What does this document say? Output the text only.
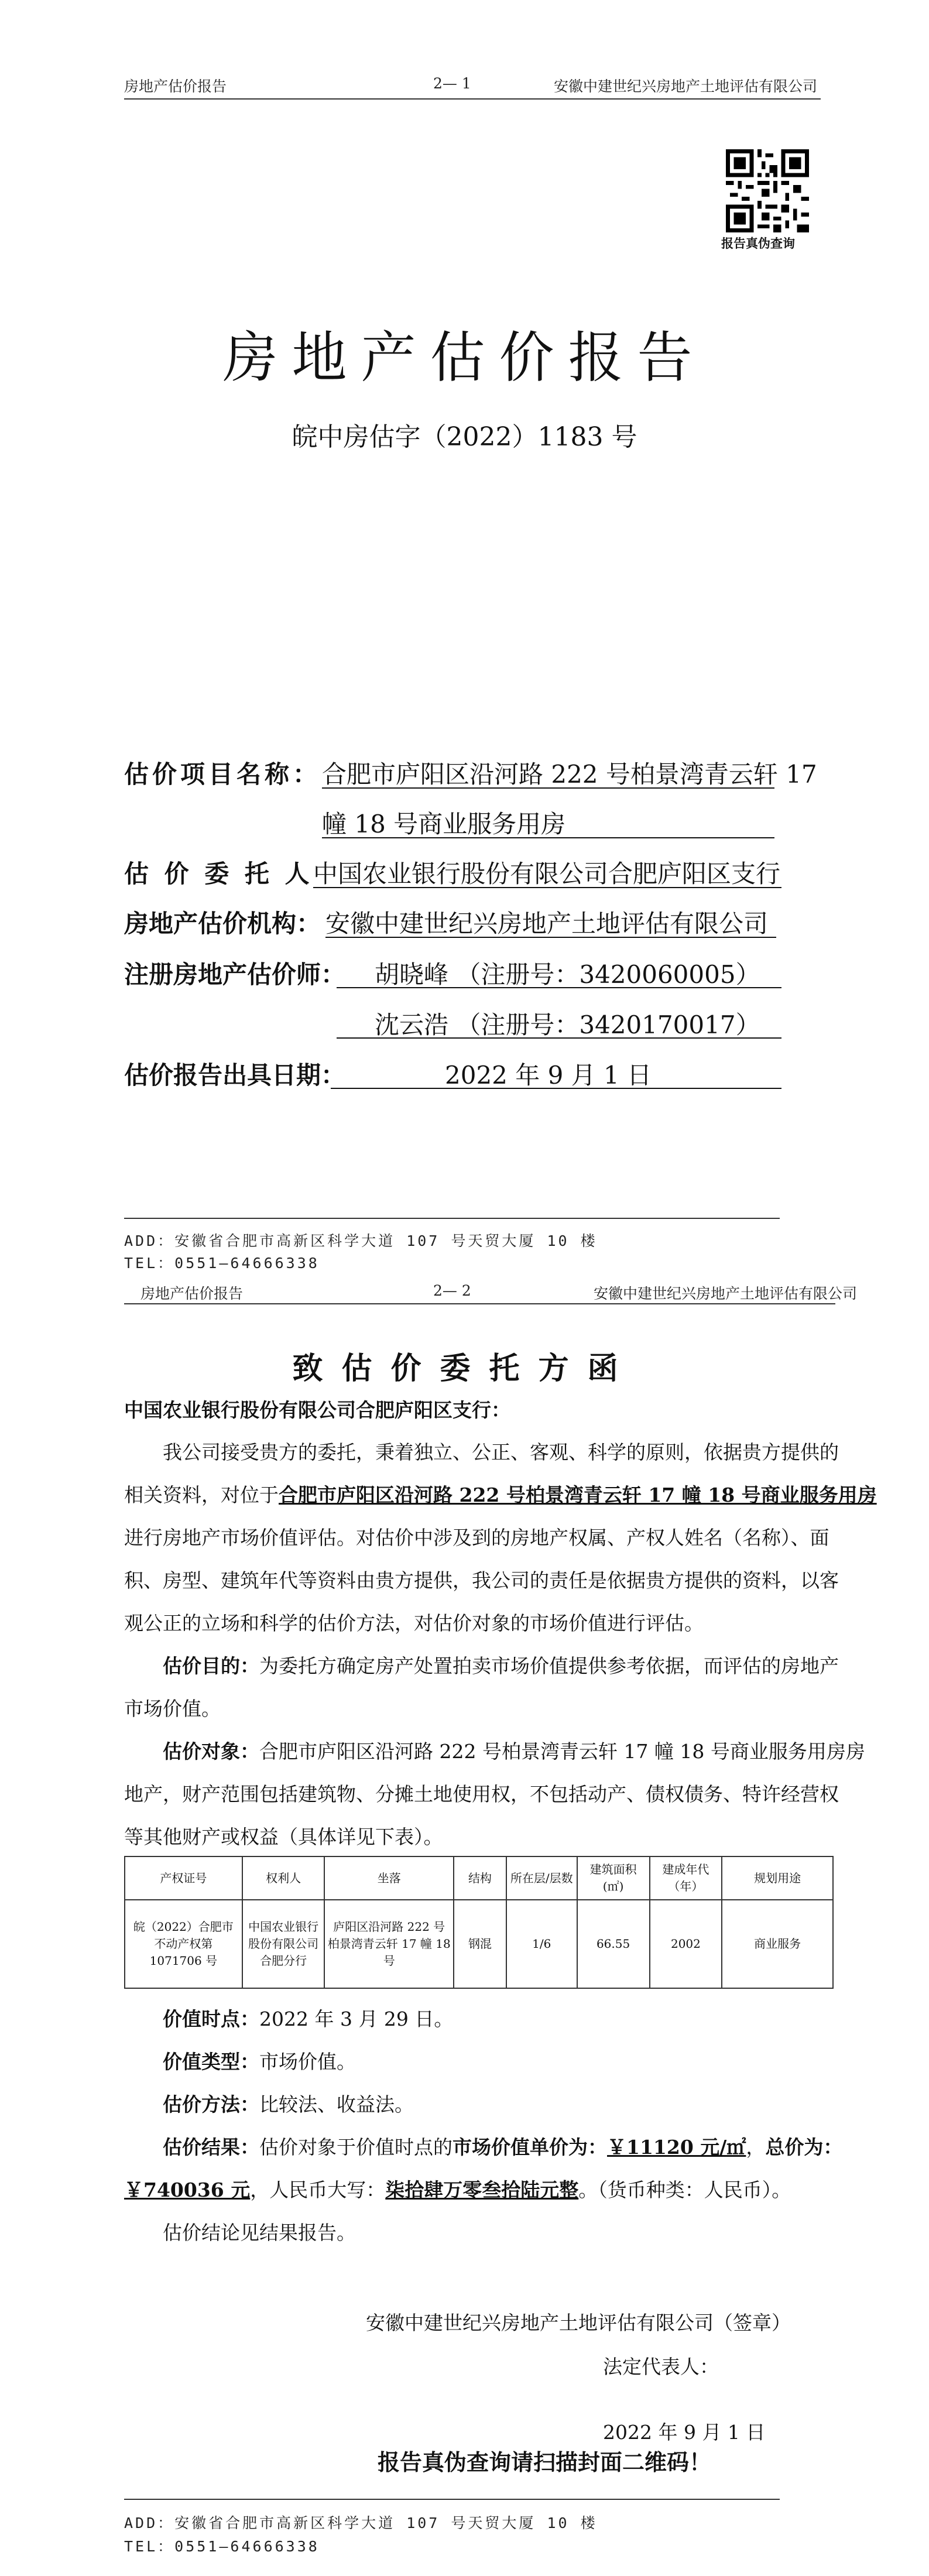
房地产估价报告	2— 1	安徽中建世纪兴房地产土地评估有限公司
报告真伪查询
房地产估价报告
皖中房估字（2022）1183 号
估价项目名称： 合肥市庐阳区沿河路 222 号柏景湾青云轩 17
幢 18 号商业服务用房
估 价 委 托 人 中国农业银行股份有限公司合肥庐阳区支行
房地产估价机构： 安徽中建世纪兴房地产土地评估有限公司
注册房地产估价师： 胡晓峰 （注册号：3420060005）
沈云浩 （注册号：3420170017）
估价报告出具日期：	2022 年 9 月 1 日
ADD：安徽省合肥市高新区科学大道 107 号天贸大厦 10 楼
TEL：0551—64666338
房地产估价报告	2— 2	安徽中建世纪兴房地产土地评估有限公司
致估价委托方函
中国农业银行股份有限公司合肥庐阳区支行：
我公司接受贵方的委托，秉着独立、公正、客观、科学的原则，依据贵方提供的
相关资料，对位于合肥市庐阳区沿河路 222 号柏景湾青云轩 17 幢 18 号商业服务用房
进行房地产市场价值评估。对估价中涉及到的房地产权属、产权人姓名（名称）、面
积、房型、建筑年代等资料由贵方提供，我公司的责任是依据贵方提供的资料，以客
观公正的立场和科学的估价方法，对估价对象的市场价值进行评估。
估价目的：为委托方确定房产处置拍卖市场价值提供参考依据，而评估的房地产
市场价值。
估价对象：合肥市庐阳区沿河路 222 号柏景湾青云轩 17 幢 18 号商业服务用房房
地产，财产范围包括建筑物、分摊土地使用权，不包括动产、债权债务、特许经营权
等其他财产或权益（具体详见下表）。
产权证号	权利人	坐落	结构	所在层/层数	建筑面积(㎡)	建成年代（年）	规划用途
皖（2022）合肥市不动产权第 1071706 号	中国农业银行股份有限公司合肥分行	庐阳区沿河路 222 号柏景湾青云轩 17 幢 18 号	钢混	1/6	66.55	2002	商业服务
价值时点：2022 年 3 月 29 日。
价值类型：市场价值。
估价方法：比较法、收益法。
估价结果：估价对象于价值时点的市场价值单价为：￥11120 元/㎡，总价为：
￥740036 元，人民币大写：柒拾肆万零叁拾陆元整。（货币种类：人民币）。
估价结论见结果报告。
安徽中建世纪兴房地产土地评估有限公司（签章）
法定代表人：
2022 年 9 月 1 日
报告真伪查询请扫描封面二维码！
ADD：安徽省合肥市高新区科学大道 107 号天贸大厦 10 楼
TEL：0551—64666338
